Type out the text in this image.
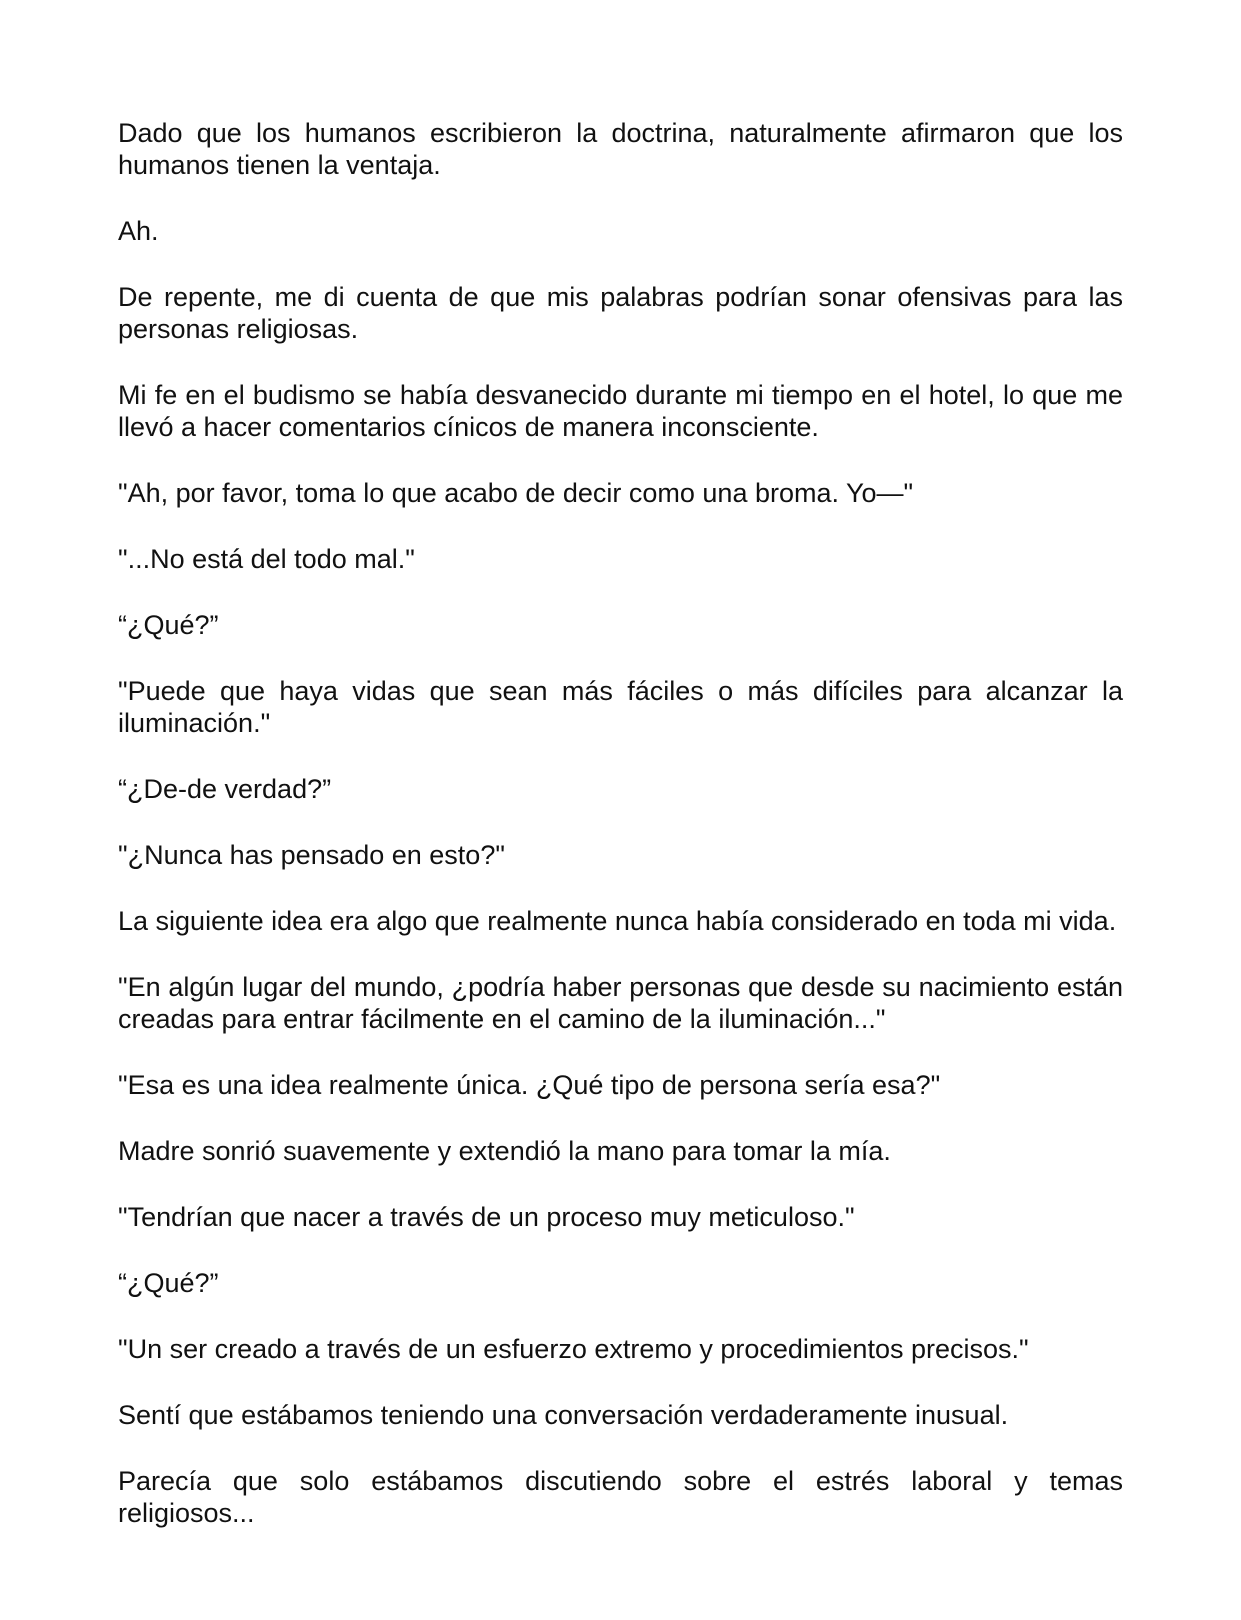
Dado que los humanos escribieron la doctrina, naturalmente afirmaron que los humanos tienen la ventaja.

Ah.

De repente, me di cuenta de que mis palabras podrían sonar ofensivas para las personas religiosas.

Mi fe en el budismo se había desvanecido durante mi tiempo en el hotel, lo que me llevó a hacer comentarios cínicos de manera inconsciente.

"Ah, por favor, toma lo que acabo de decir como una broma. Yo—"

"...No está del todo mal."

“¿Qué?”

"Puede que haya vidas que sean más fáciles o más difíciles para alcanzar la iluminación."

“¿De-de verdad?”

"¿Nunca has pensado en esto?"

La siguiente idea era algo que realmente nunca había considerado en toda mi vida.

"En algún lugar del mundo, ¿podría haber personas que desde su nacimiento están creadas para entrar fácilmente en el camino de la iluminación..."

"Esa es una idea realmente única. ¿Qué tipo de persona sería esa?"

Madre sonrió suavemente y extendió la mano para tomar la mía.

"Tendrían que nacer a través de un proceso muy meticuloso."

“¿Qué?”

"Un ser creado a través de un esfuerzo extremo y procedimientos precisos."

Sentí que estábamos teniendo una conversación verdaderamente inusual.

Parecía que solo estábamos discutiendo sobre el estrés laboral y temas religiosos...
